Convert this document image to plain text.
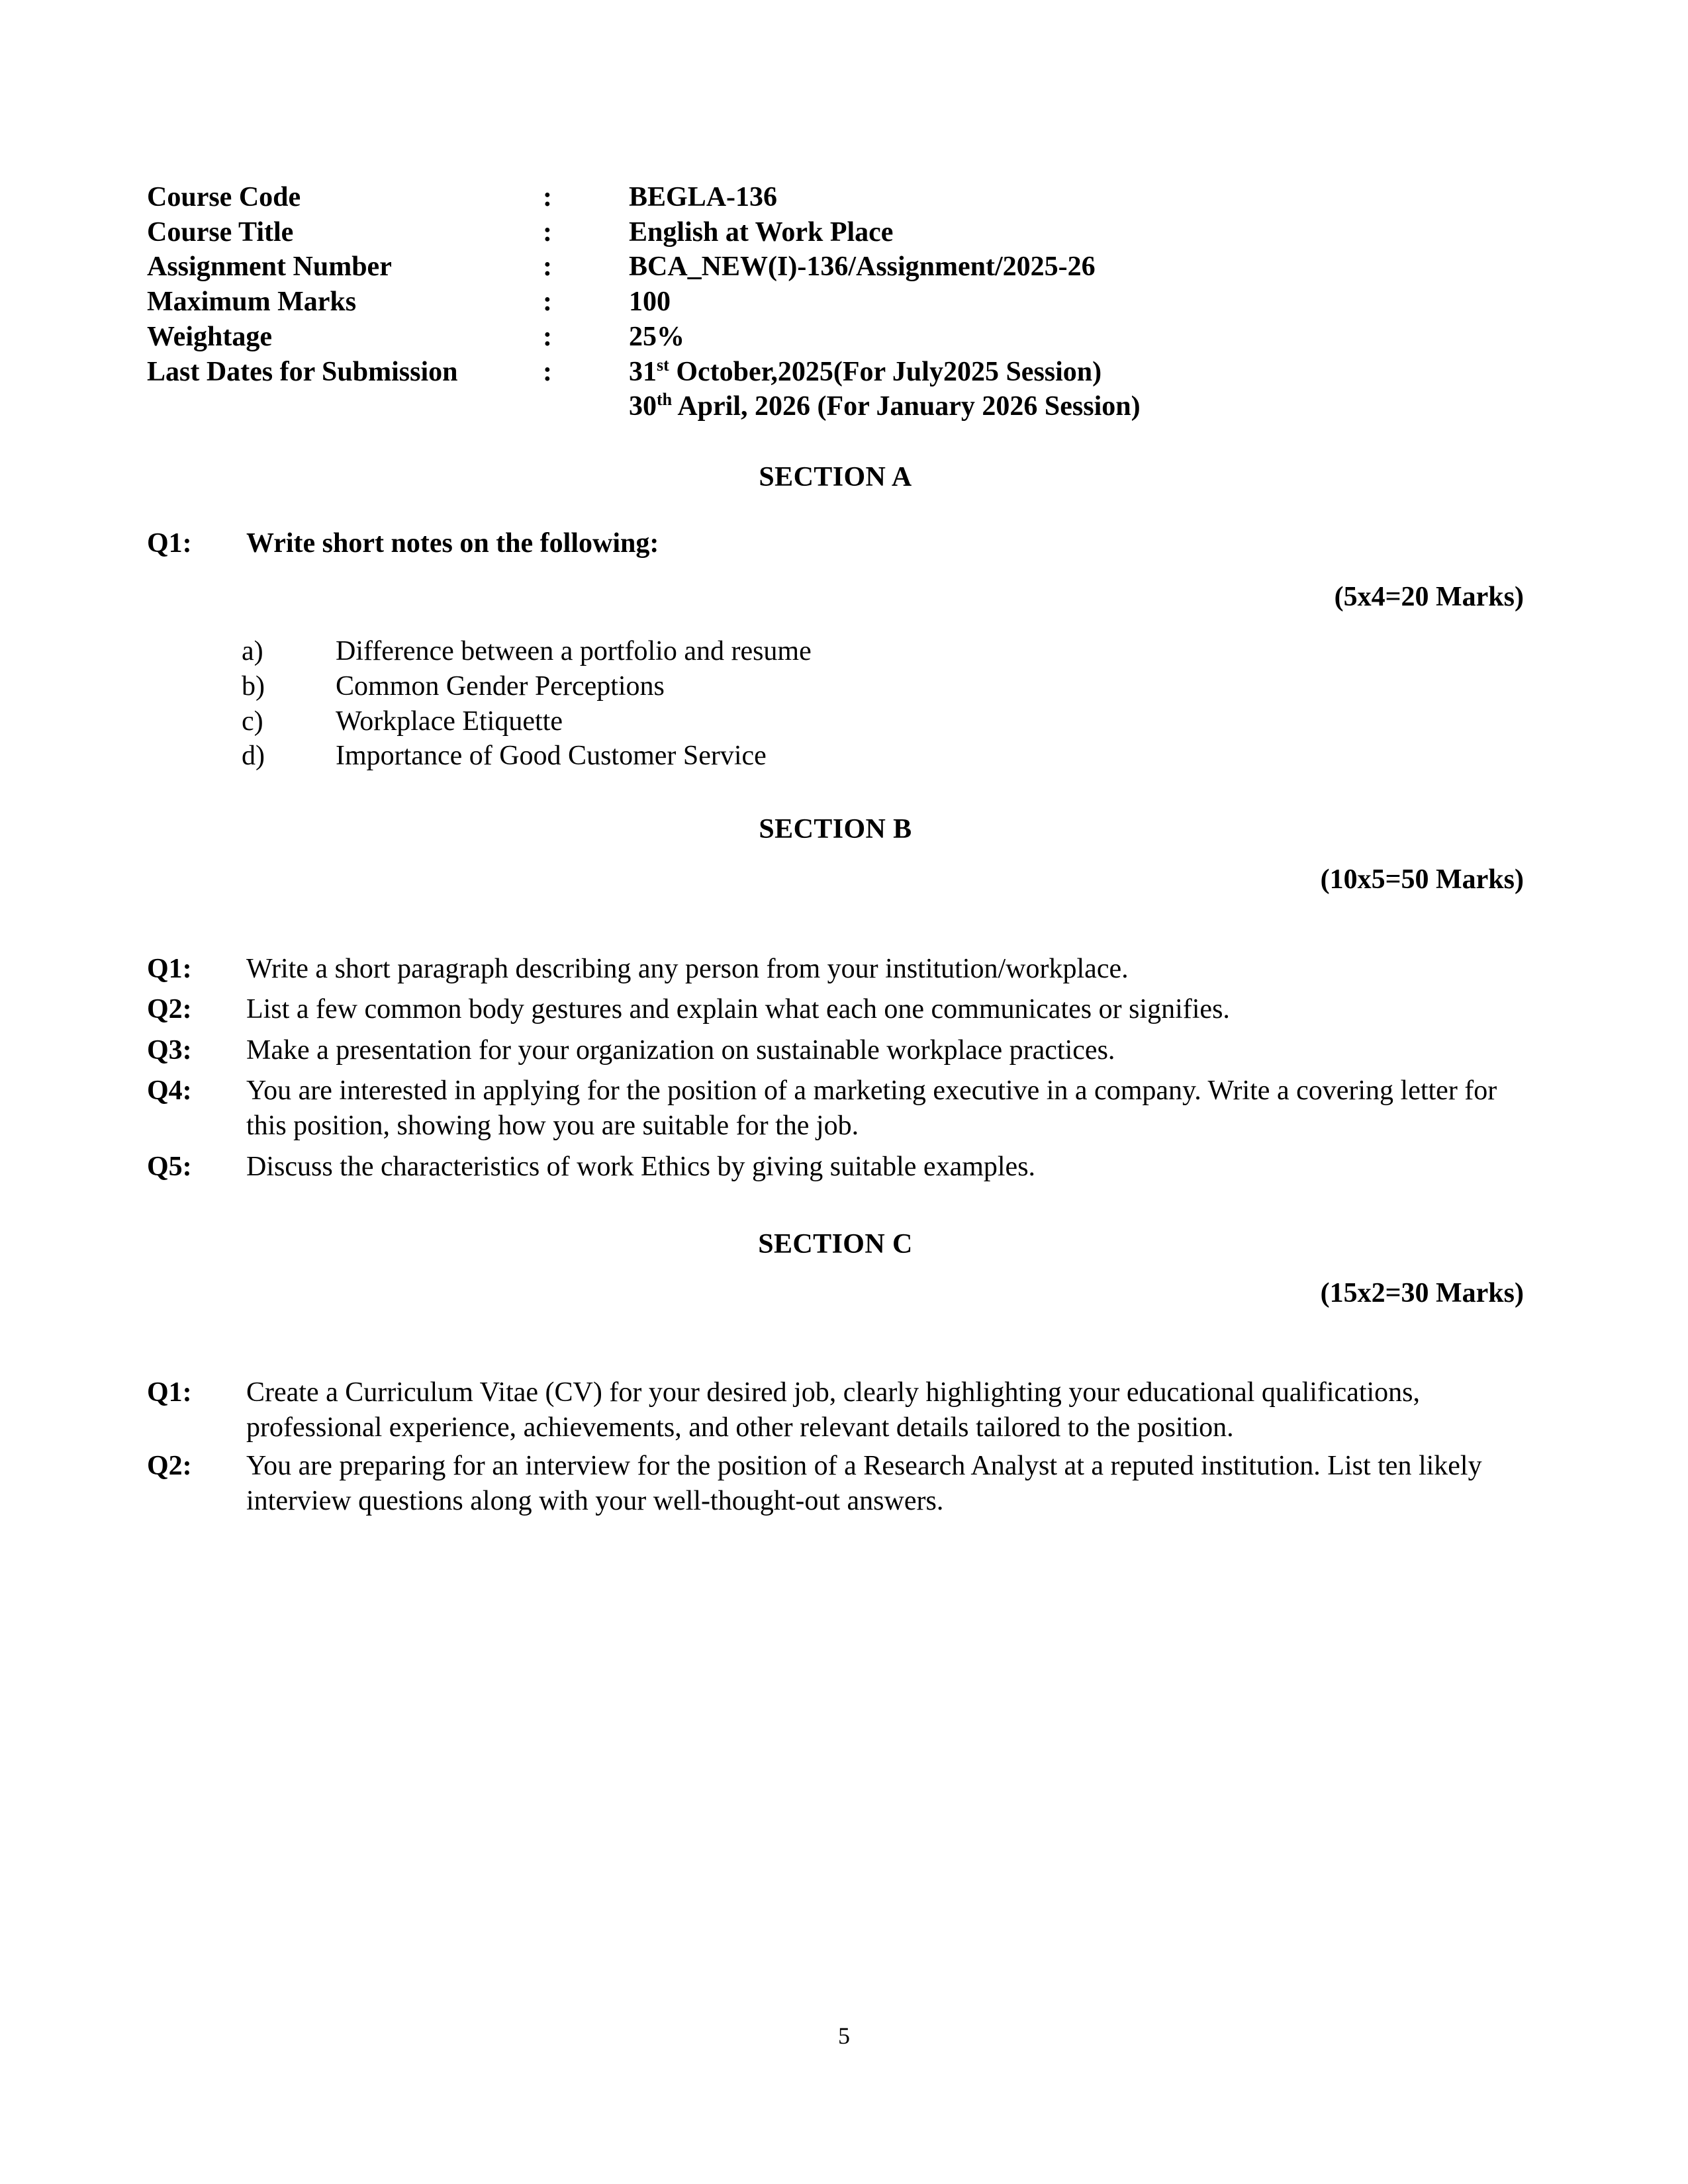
Course Code	:	BEGLA-136
Course Title	:	English at Work Place
Assignment Number	:	BCA_NEW(I)-136/Assignment/2025-26
Maximum Marks	:	100
Weightage	:	25%
Last Dates for Submission	:	31st October,2025(For July2025 Session)
30th April, 2026 (For January 2026 Session)
SECTION A
Q1:	Write short notes on the following:
(5x4=20 Marks)
a)	Difference between a portfolio and resume
b)	Common Gender Perceptions
c)	Workplace Etiquette
d)	Importance of Good Customer Service
SECTION B
(10x5=50 Marks)
Q1:	Write a short paragraph describing any person from your institution/workplace.
Q2:	List a few common body gestures and explain what each one communicates or signifies.
Q3:	Make a presentation for your organization on sustainable workplace practices.
Q4:	You are interested in applying for the position of a marketing executive in a company. Write a covering letter for this position, showing how you are suitable for the job.
Q5:	Discuss the characteristics of work Ethics by giving suitable examples.
SECTION C
(15x2=30 Marks)
Q1:	Create a Curriculum Vitae (CV) for your desired job, clearly highlighting your educational qualifications, professional experience, achievements, and other relevant details tailored to the position.
Q2:	You are preparing for an interview for the position of a Research Analyst at a reputed institution. List ten likely interview questions along with your well-thought-out answers.
5
